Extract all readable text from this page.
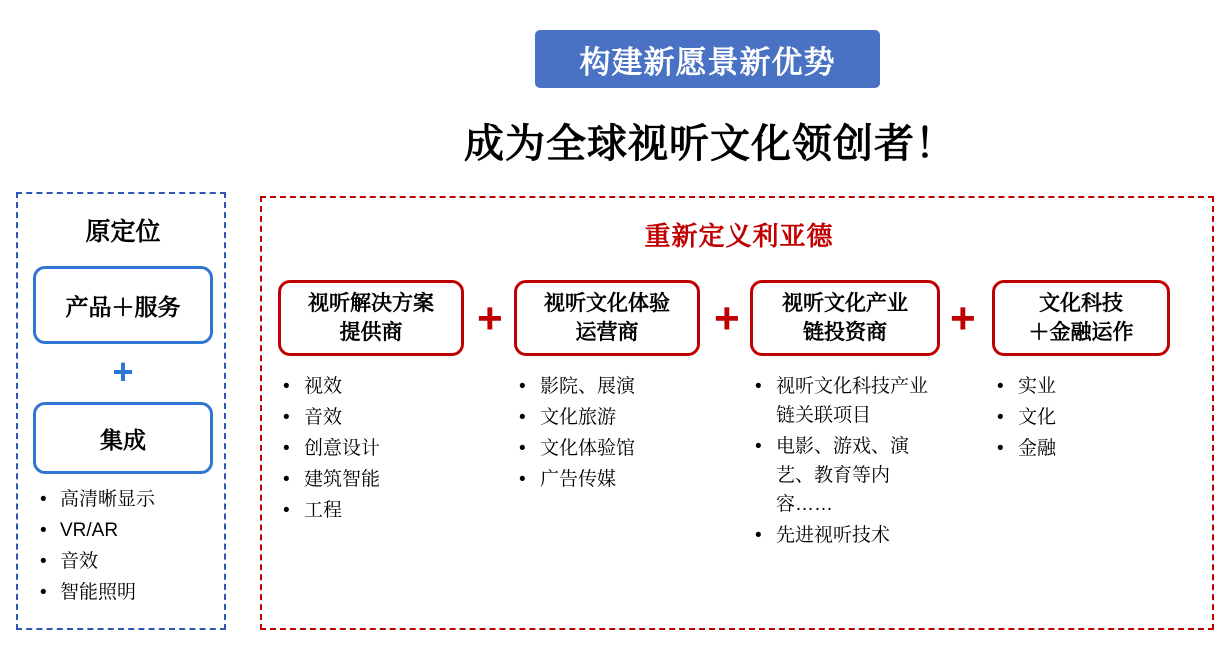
构建新愿景新优势
成为全球视听文化领创者！
原定位
产品＋服务
+
集成
• 高清晰显示
• VR/AR
• 音效
• 智能照明
重新定义利亚德
视听解决方案
提供商
• 视效
• 音效
• 创意设计
• 建筑智能
• 工程
+ 视听文化体验
运营商
• 影院、展演
• 文化旅游
• 文化体验馆
• 广告传媒
+ 视听文化产业
链投资商
• 视听文化科技产业链关联项目
• 电影、游戏、演艺、教育等内容……
• 先进视听技术
+	文化科技
＋金融运作
• 实业
• 文化
• 金融
